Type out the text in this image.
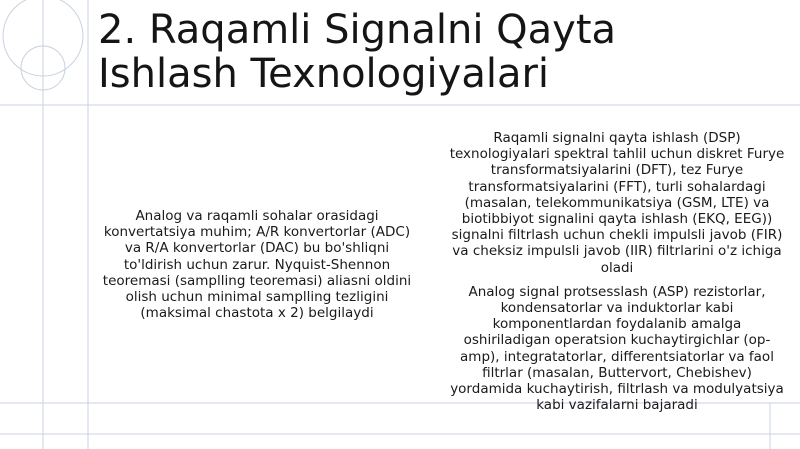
2. Raqamli Signalni Qayta
Ishlash Texnologiyalari

Analog va raqamli sohalar orasidagi konvertatsiya muhim; A/R konvertorlar (ADC) va R/A konvertorlar (DAC) bu bo'shliqni to'ldirish uchun zarur. Nyquist-Shennon teoremasi (samplling teoremasi) aliasni oldini olish uchun minimal samplling tezligini (maksimal chastota x 2) belgilaydi

Raqamli signalni qayta ishlash (DSP) texnologiyalari spektral tahlil uchun diskret Furye transformatsiyalarini (DFT), tez Furye transformatsiyalarini (FFT), turli sohalardagi (masalan, telekommunikatsiya (GSM, LTE) va biotibbiyot signalini qayta ishlash (EKQ, EEG)) signalni filtrlash uchun chekli impulsli javob (FIR) va cheksiz impulsli javob (IIR) filtrlarini o'z ichiga oladi

Analog signal protsesslash (ASP) rezistorlar, kondensatorlar va induktorlar kabi komponentlardan foydalanib amalga oshiriladigan operatsion kuchaytirgichlar (op-amp), integratatorlar, differentsiatorlar va faol filtrlar (masalan, Buttervort, Chebishev) yordamida kuchaytirish, filtrlash va modulyatsiya kabi vazifalarni bajaradi
